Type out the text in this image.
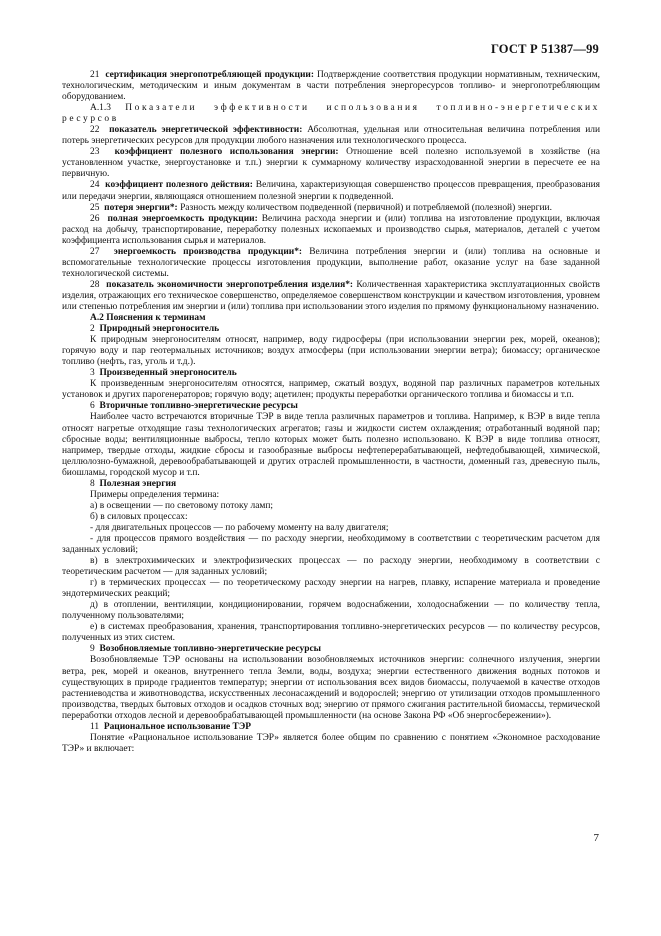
ГОСТ Р 51387—99

21 сертификация энергопотребляющей продукции: Подтверждение соответствия продукции нормативным, техническим, технологическим, методическим и иным документам в части потребления энергоресурсов топливо- и энергопотребляющим оборудованием.

А.1.3 Показатели эффективности использования топливно-энергетических ресурсов

22 показатель энергетической эффективности: Абсолютная, удельная или относительная величина потребления или потерь энергетических ресурсов для продукции любого назначения или технологического процесса.

23 коэффициент полезного использования энергии: Отношение всей полезно используемой в хозяйстве (на установленном участке, энергоустановке и т.п.) энергии к суммарному количеству израсходованной энергии в пересчете ее на первичную.

24 коэффициент полезного действия: Величина, характеризующая совершенство процессов превращения, преобразования или передачи энергии, являющаяся отношением полезной энергии к подведенной.

25 потеря энергии*: Разность между количеством подведенной (первичной) и потребляемой (полезной) энергии.

26 полная энергоемкость продукции: Величина расхода энергии и (или) топлива на изготовление продукции, включая расход на добычу, транспортирование, переработку полезных ископаемых и производство сырья, материалов, деталей с учетом коэффициента использования сырья и материалов.

27 энергоемкость производства продукции*: Величина потребления энергии и (или) топлива на основные и вспомогательные технологические процессы изготовления продукции, выполнение работ, оказание услуг на базе заданной технологической системы.

28 показатель экономичности энергопотребления изделия*: Количественная характеристика эксплуатационных свойств изделия, отражающих его техническое совершенство, определяемое совершенством конструкции и качеством изготовления, уровнем или степенью потребления им энергии и (или) топлива при использовании этого изделия по прямому функциональному назначению.

А.2 Пояснения к терминам

2 Природный энергоноситель

К природным энергоносителям относят, например, воду гидросферы (при использовании энергии рек, морей, океанов); горячую воду и пар геотермальных источников; воздух атмосферы (при использовании энергии ветра); биомассу; органическое топливо (нефть, газ, уголь и т.д.).

3 Произведенный энергоноситель

К произведенным энергоносителям относятся, например, сжатый воздух, водяной пар различных параметров котельных установок и других парогенераторов; горячую воду; ацетилен; продукты переработки органического топлива и биомассы и т.п.

6 Вторичные топливно-энергетические ресурсы

Наиболее часто встречаются вторичные ТЭР в виде тепла различных параметров и топлива. Например, к ВЭР в виде тепла относят нагретые отходящие газы технологических агрегатов; газы и жидкости систем охлаждения; отработанный водяной пар; сбросные воды; вентиляционные выбросы, тепло которых может быть полезно использовано. К ВЭР в виде топлива относят, например, твердые отходы, жидкие сбросы и газообразные выбросы нефтеперерабатывающей, нефтедобывающей, химической, целлюлозно-бумажной, деревообрабатывающей и других отраслей промышленности, в частности, доменный газ, древесную пыль, биошламы, городской мусор и т.п.

8 Полезная энергия

Примеры определения термина:

а) в освещении — по световому потоку ламп;

б) в силовых процессах:

- для двигательных процессов — по рабочему моменту на валу двигателя;

- для процессов прямого воздействия — по расходу энергии, необходимому в соответствии с теоретическим расчетом для заданных условий;

в) в электрохимических и электрофизических процессах — по расходу энергии, необходимому в соответствии с теоретическим расчетом — для заданных условий;

г) в термических процессах — по теоретическому расходу энергии на нагрев, плавку, испарение материала и проведение эндотермических реакций;

д) в отоплении, вентиляции, кондиционировании, горячем водоснабжении, холодоснабжении — по количеству тепла, полученному пользователями;

е) в системах преобразования, хранения, транспортирования топливно-энергетических ресурсов — по количеству ресурсов, полученных из этих систем.

9 Возобновляемые топливно-энергетические ресурсы

Возобновляемые ТЭР основаны на использовании возобновляемых источников энергии: солнечного излучения, энергии ветра, рек, морей и океанов, внутреннего тепла Земли, воды, воздуха; энергии естественного движения водных потоков и существующих в природе градиентов температур; энергии от использования всех видов биомассы, получаемой в качестве отходов растениеводства и животноводства, искусственных лесонасаждений и водорослей; энергию от утилизации отходов промышленного производства, твердых бытовых отходов и осадков сточных вод; энергию от прямого сжигания растительной биомассы, термической переработки отходов лесной и деревообрабатывающей промышленности (на основе Закона РФ «Об энергосбережении»).

11 Рациональное использование ТЭР

Понятие «Рациональное использование ТЭР» является более общим по сравнению с понятием «Экономное расходование ТЭР» и включает:

7
